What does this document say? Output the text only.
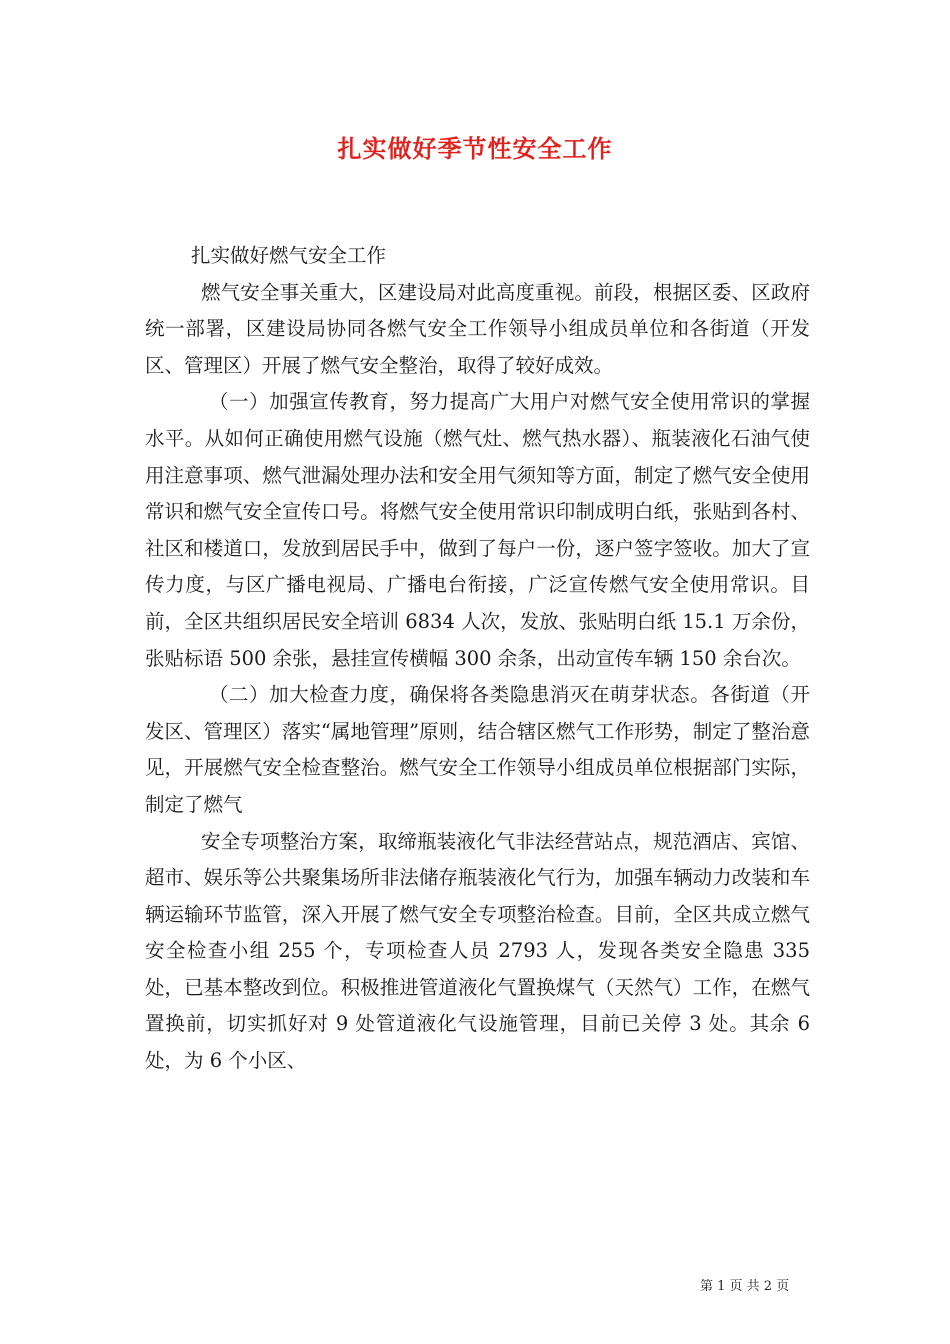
扎实做好季节性安全工作

扎实做好燃气安全工作

燃气安全事关重大，区建设局对此高度重视。前段，根据区委、区政府统一部署，区建设局协同各燃气安全工作领导小组成员单位和各街道（开发区、管理区）开展了燃气安全整治，取得了较好成效。

（一）加强宣传教育，努力提高广大用户对燃气安全使用常识的掌握水平。从如何正确使用燃气设施（燃气灶、燃气热水器）、瓶装液化石油气使用注意事项、燃气泄漏处理办法和安全用气须知等方面，制定了燃气安全使用常识和燃气安全宣传口号。将燃气安全使用常识印制成明白纸，张贴到各村、社区和楼道口，发放到居民手中，做到了每户一份，逐户签字签收。加大了宣传力度，与区广播电视局、广播电台衔接，广泛宣传燃气安全使用常识。目前，全区共组织居民安全培训 6834 人次，发放、张贴明白纸 15.1 万余份，张贴标语 500 余张，悬挂宣传横幅 300 余条，出动宣传车辆 150 余台次。

（二）加大检查力度，确保将各类隐患消灭在萌芽状态。各街道（开发区、管理区）落实“属地管理”原则，结合辖区燃气工作形势，制定了整治意见，开展燃气安全检查整治。燃气安全工作领导小组成员单位根据部门实际，制定了燃气

安全专项整治方案，取缔瓶装液化气非法经营站点，规范酒店、宾馆、超市、娱乐等公共聚集场所非法储存瓶装液化气行为，加强车辆动力改装和车辆运输环节监管，深入开展了燃气安全专项整治检查。目前，全区共成立燃气安全检查小组 255 个，专项检查人员 2793 人，发现各类安全隐患 335 处，已基本整改到位。积极推进管道液化气置换煤气（天然气）工作，在燃气置换前，切实抓好对 9 处管道液化气设施管理，目前已关停 3 处。其余 6 处，为 6 个小区、

第 1 页 共 2 页
